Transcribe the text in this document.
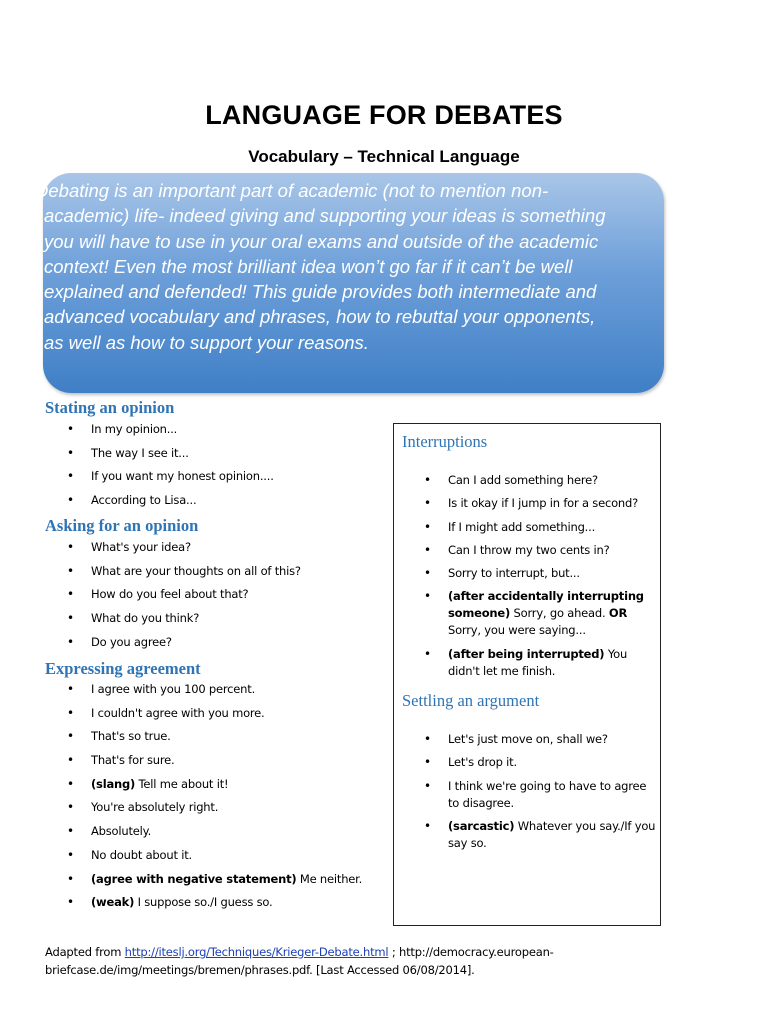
LANGUAGE FOR DEBATES
Vocabulary – Technical Language
Debating is an important part of academic (not to mention non-
academic) life- indeed giving and supporting your ideas is something
you will have to use in your oral exams and outside of the academic
context! Even the most brilliant idea won’t go far if it can’t be well
explained and defended! This guide provides both intermediate and
advanced vocabulary and phrases, how to rebuttal your opponents,
as well as how to support your reasons.
Stating an opinion
• In my opinion...
• The way I see it...
• If you want my honest opinion....
• According to Lisa...
Asking for an opinion
• What's your idea?
• What are your thoughts on all of this?
• How do you feel about that?
• What do you think?
• Do you agree?
Expressing agreement
• I agree with you 100 percent.
• I couldn't agree with you more.
• That's so true.
• That's for sure.
• (slang) Tell me about it!
• You're absolutely right.
• Absolutely.
• No doubt about it.
• (agree with negative statement) Me neither.
• (weak) I suppose so./I guess so.
Interruptions
• Can I add something here?
• Is it okay if I jump in for a second?
• If I might add something...
• Can I throw my two cents in?
• Sorry to interrupt, but...
• (after accidentally interrupting someone) Sorry, go ahead. OR Sorry, you were saying...
• (after being interrupted) You didn't let me finish.
Settling an argument
• Let's just move on, shall we?
• Let's drop it.
• I think we're going to have to agree to disagree.
• (sarcastic) Whatever you say./If you say so.
Adapted from http://iteslj.org/Techniques/Krieger-Debate.html ; http://democracy.european-briefcase.de/img/meetings/bremen/phrases.pdf. [Last Accessed 06/08/2014].
